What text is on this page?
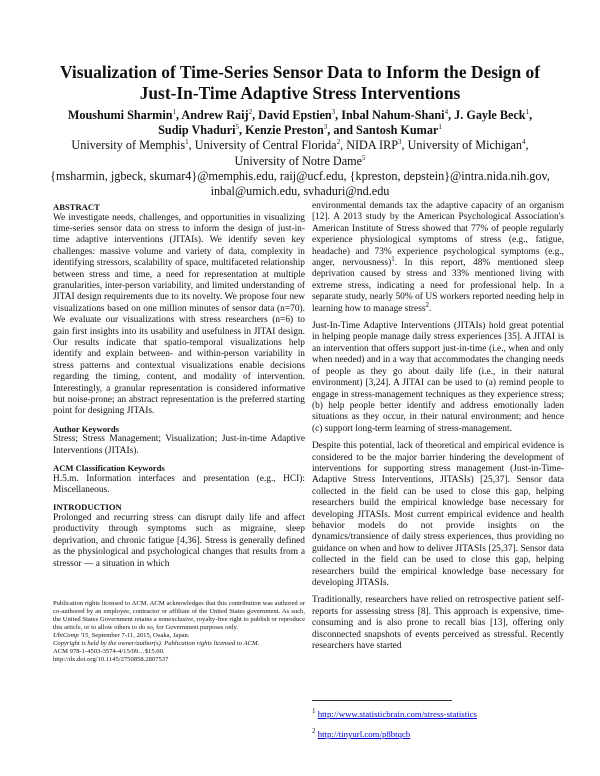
Visualization of Time-Series Sensor Data to Inform the Design of Just-In-Time Adaptive Stress Interventions
Moushumi Sharmin$^1$, Andrew Raij$^2$, David Epstien$^3$, Inbal Nahum-Shani$^4$, J. Gayle Beck$^1$,
Sudip Vhaduri$^5$, Kenzie Preston$^3$, and Santosh Kumar$^1$
University of Memphis$^1$, University of Central Florida$^2$, NIDA IRP$^3$, University of Michigan$^4$,
University of Notre Dame$^5$
{msharmin, jgbeck, skumar4}@memphis.edu, raij@ucf.edu, {kpreston, depstein}@intra.nida.nih.gov,
inbal@umich.edu, svhaduri@nd.edu
ABSTRACT

We investigate needs, challenges, and opportunities in visualizing time-series sensor data on stress to inform the design of just-in-time adaptive interventions (JITAIs). We identify seven key challenges: massive volume and variety of data, complexity in identifying stressors, scalability of space, multifaceted relationship between stress and time, a need for representation at multiple granularities, inter-person variability, and limited understanding of JITAI design requirements due to its novelty. We propose four new visualizations based on one million minutes of sensor data (n=70). We evaluate our visualizations with stress researchers (n=6) to gain first insights into its usability and usefulness in JITAI design. Our results indicate that spatio-temporal visualizations help identify and explain between- and within-person variability in stress patterns and contextual visualizations enable decisions regarding the timing, content, and modality of intervention. Interestingly, a granular representation is considered informative but noise-prone; an abstract representation is the preferred starting point for designing JITAIs.

Author Keywords

Stress; Stress Management; Visualization; Just-in-time Adaptive Interventions (JITAIs).

ACM Classification Keywords

H.5.m. Information interfaces and presentation (e.g., HCI): Miscellaneous.

INTRODUCTION

Prolonged and recurring stress can disrupt daily life and affect productivity through symptoms such as migraine, sleep deprivation, and chronic fatigue [4,36]. Stress is generally defined as the physiological and psychological changes that results from a stressor — a situation in which

Publication rights licensed to ACM. ACM acknowledges that this contribution was authored or co-authored by an employee, contractor or affiliate of the United States government. As such, the United States Government retains a nonexclusive, royalty-free right to publish or reproduce this article, or to allow others to do so, for Government purposes only.

UbiComp '15, September 7-11, 2015, Osaka, Japan.

Copyright is held by the owner/author(s). Publication rights licensed to ACM.

ACM 978-1-4503-3574-4/15/09…$15.00.

http://dx.doi.org/10.1145/2750858.2807537

environmental demands tax the adaptive capacity of an organism [12]. A 2013 study by the American Psychological Association's American Institute of Stress showed that 77% of people regularly experience physiological symptoms of stress (e.g., fatigue, headache) and 73% experience psychological symptoms (e.g., anger, nervousness)$^1$. In this report, 48% mentioned sleep deprivation caused by stress and 33% mentioned living with extreme stress, indicating a need for professional help. In a separate study, nearly 50% of US workers reported needing help in learning how to manage stress$^2$.

Just-In-Time Adaptive Interventions (JITAIs) hold great potential in helping people manage daily stress experiences [35]. A JITAI is an intervention that offers support just-in-time (i.e., when and only when needed) and in a way that accommodates the changing needs of people as they go about daily life (i.e., in their natural environment) [3,24]. A JITAI can be used to (a) remind people to engage in stress-management techniques as they experience stress; (b) help people better identify and address emotionally laden situations as they occur, in their natural environment; and hence (c) support long-term learning of stress-management.

Despite this potential, lack of theoretical and empirical evidence is considered to be the major barrier hindering the development of interventions for supporting stress management (Just-in-Time-Adaptive Stress Interventions, JITASIs) [25,37]. Sensor data collected in the field can be used to close this gap, helping researchers build the empirical knowledge base necessary for developing JITASIs. Most current empirical evidence and health behavior models do not provide insights on the dynamics/transience of daily stress experiences, thus providing no guidance on when and how to deliver JITASIs [25,37]. Sensor data collected in the field can be used to close this gap, helping researchers build the empirical knowledge base necessary for developing JITASIs.

Traditionally, researchers have relied on retrospective patient self-reports for assessing stress [8]. This approach is expensive, time-consuming and is also prone to recall bias [13], offering only disconnected snapshots of events perceived as stressful. Recently researchers have started

$^1$ http://www.statisticbrain.com/stress-statistics
$^2$ http://tinyurl.com/p8btqcb
